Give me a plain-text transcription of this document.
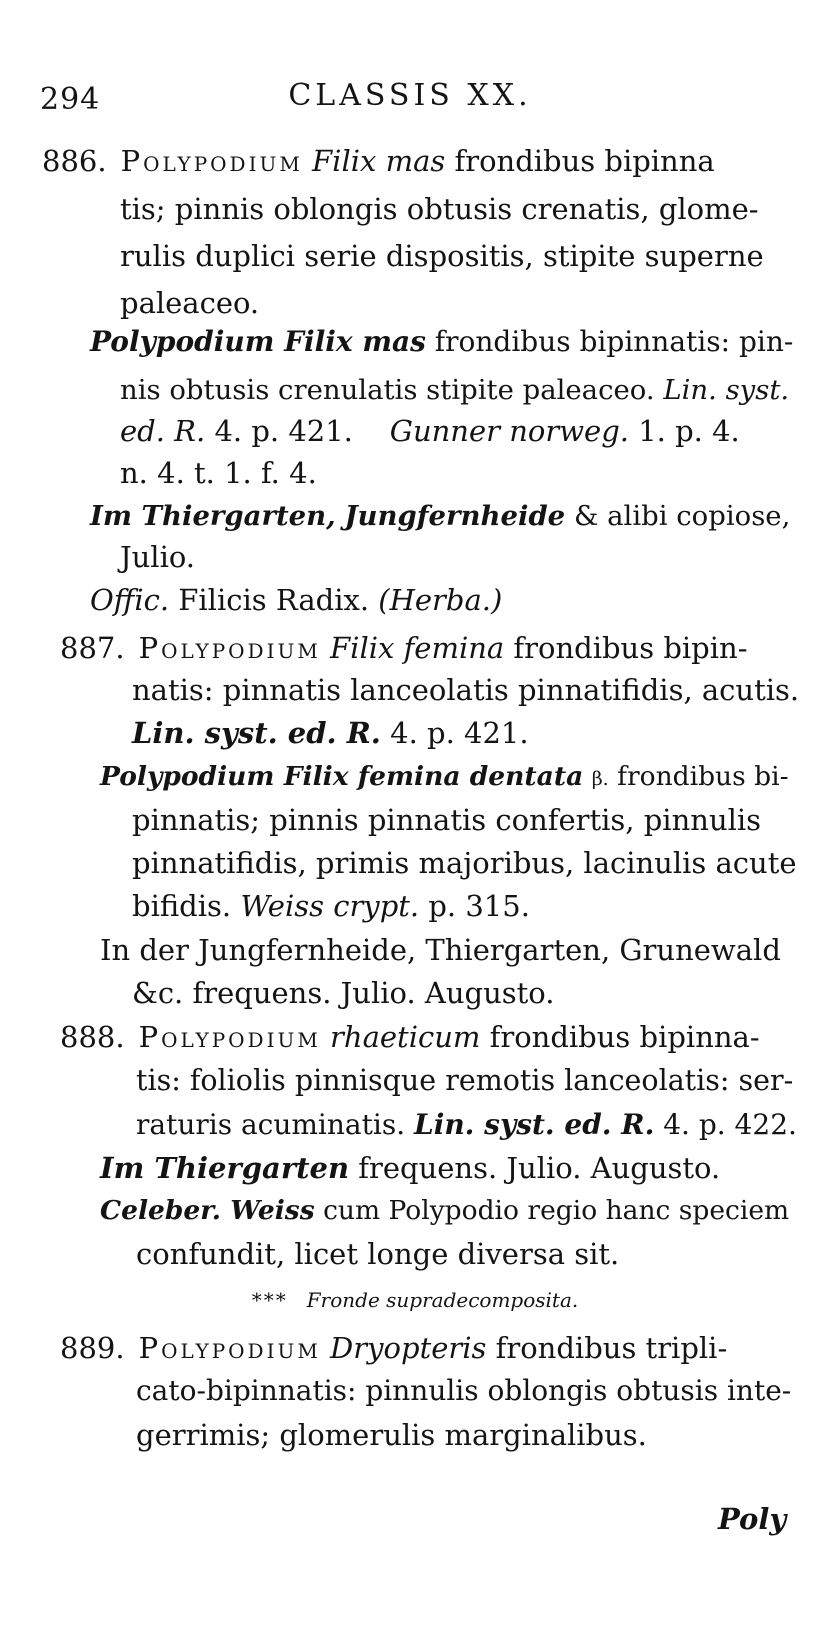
294	CLASSIS XX.
886. Polypodium Filix mas frondibus bipinna
tis; pinnis oblongis obtusis crenatis, glome-
rulis duplici serie dispositis, stipite superne
paleaceo.
Polypodium Filix mas frondibus bipinnatis: pin-
nis obtusis crenulatis stipite paleaceo. Lin. syst.
ed. R. 4. p. 421. Gunner norweg. 1. p. 4.
n. 4. t. 1. f. 4.
Im Thiergarten, Jungfernheide & alibi copiose,
Julio.
Offic. Filicis Radix. (Herba.)
887. Polypodium Filix femina frondibus bipin-
natis: pinnatis lanceolatis pinnatifidis, acutis.
Lin. syst. ed. R. 4. p. 421.
Polypodium Filix femina dentata β. frondibus bi-
pinnatis; pinnis pinnatis confertis, pinnulis
pinnatifidis, primis majoribus, lacinulis acute
bifidis. Weiss crypt. p. 315.
In der Jungfernheide, Thiergarten, Grunewald
&c. frequens. Julio. Augusto.
888. Polypodium rhaeticum frondibus bipinna-
tis: foliolis pinnisque remotis lanceolatis: ser-
raturis acuminatis. Lin. syst. ed. R. 4. p. 422.
Im Thiergarten frequens. Julio. Augusto.
Celeber. Weiss cum Polypodio regio hanc speciem
confundit, licet longe diversa sit.
*** Fronde supradecomposita.
889. Polypodium Dryopteris frondibus tripli-
cato-bipinnatis: pinnulis oblongis obtusis inte-
gerrimis; glomerulis marginalibus.
Poly
